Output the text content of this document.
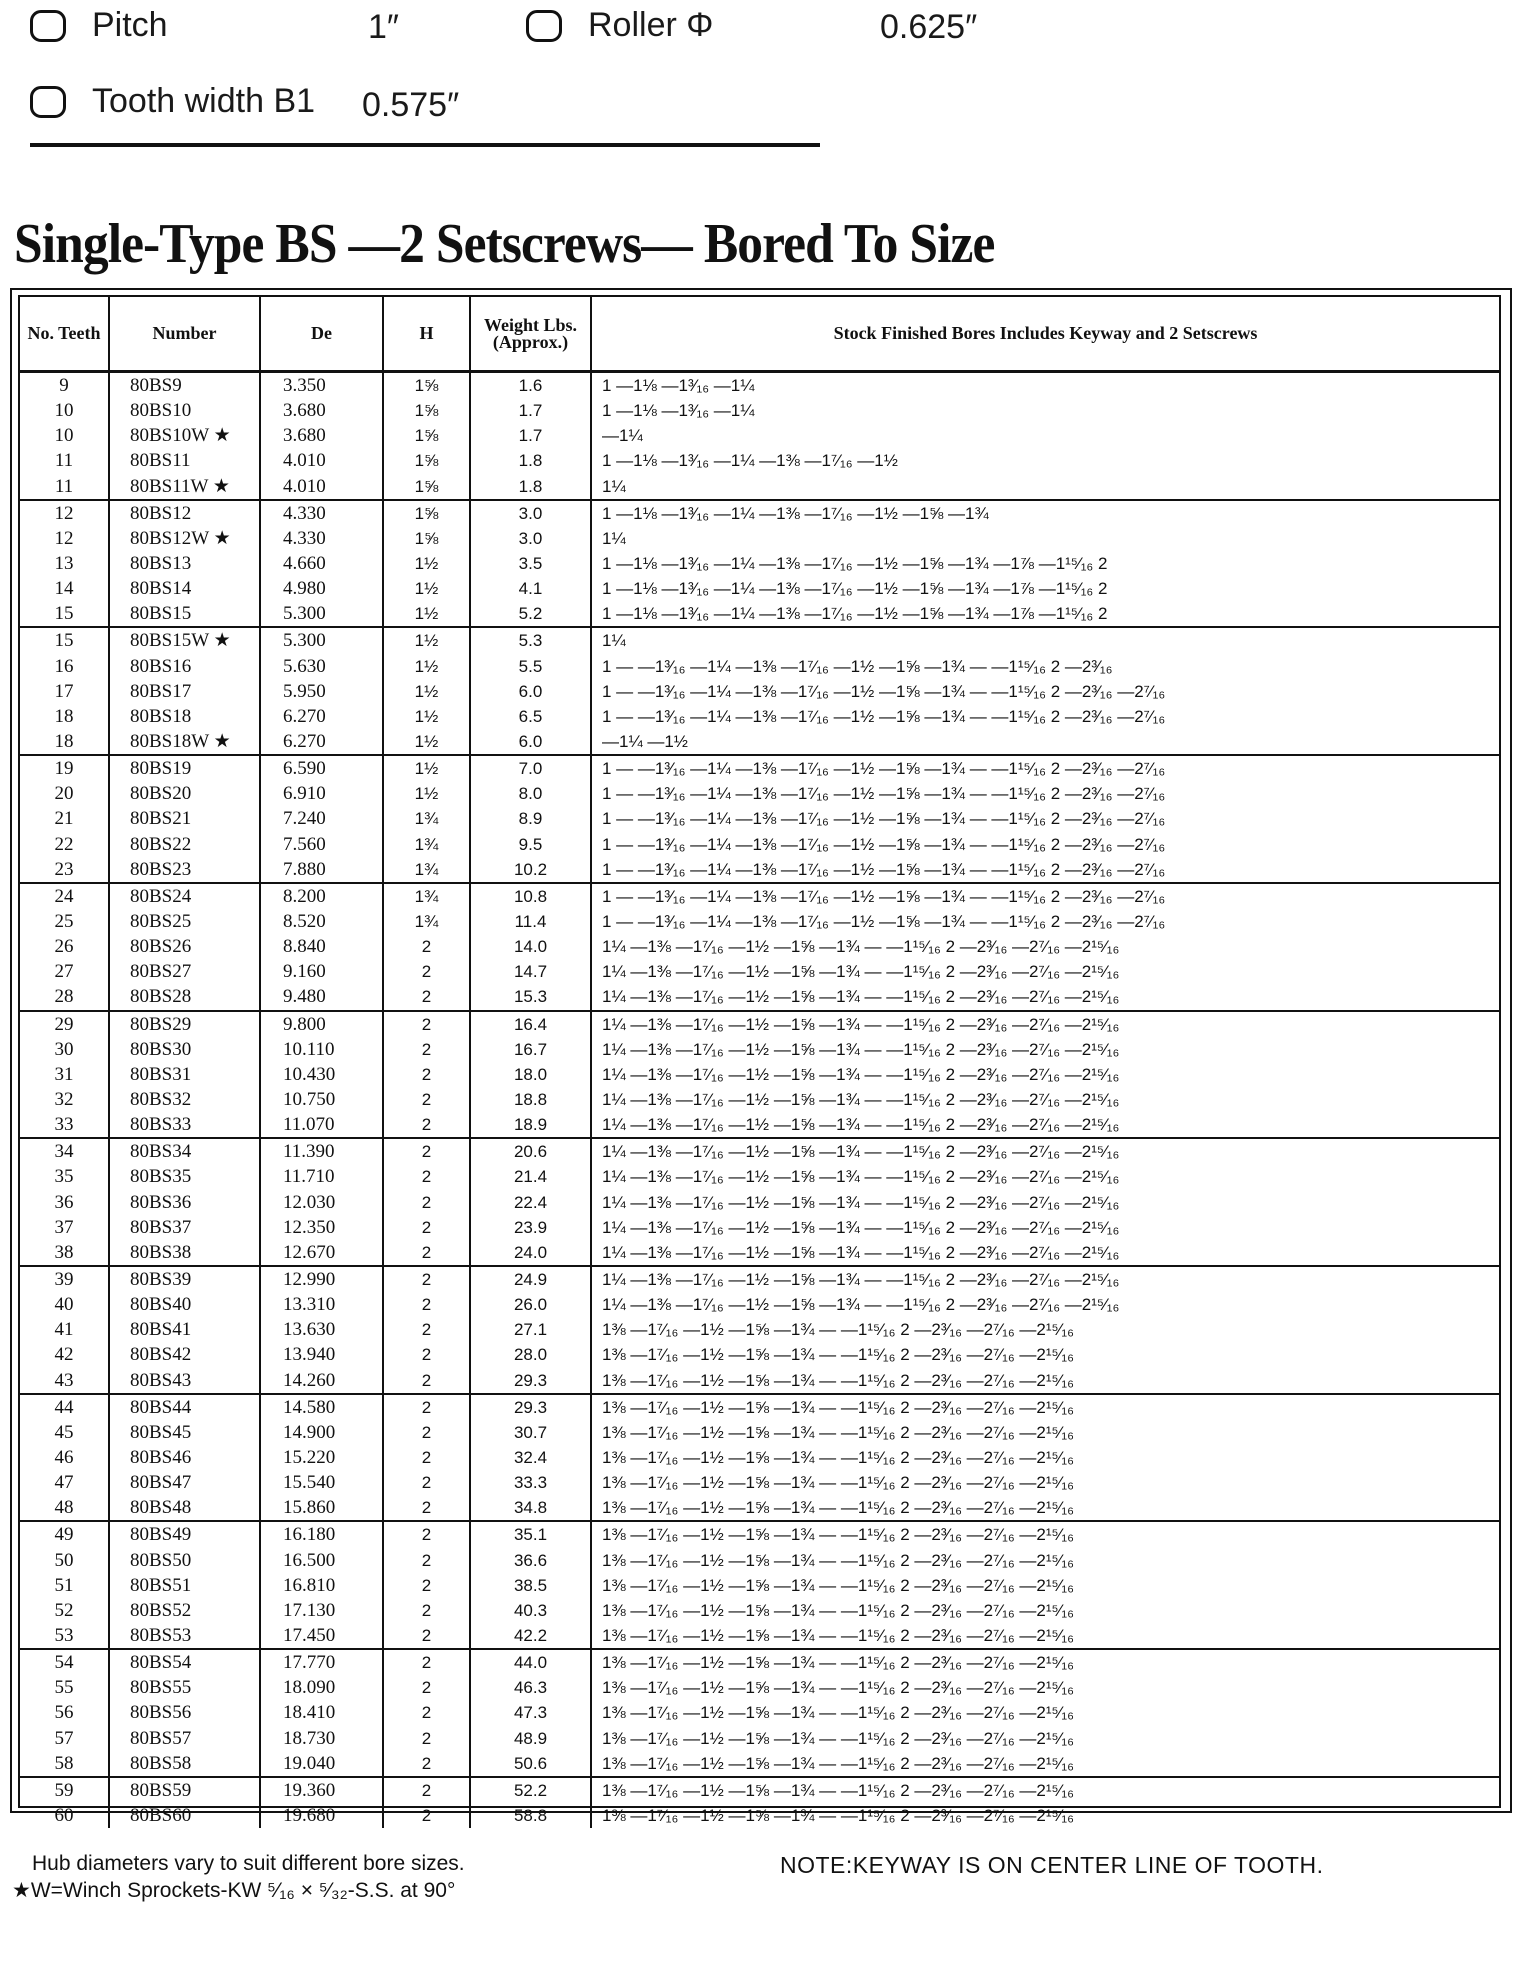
Pitch	1″	Roller Φ	0.625″
Tooth width B1 0.575″
Single-Type BS —2 Setscrews— Bored To Size
No. Teeth	Number	De	H	Weight Lbs. (Approx.)	Stock Finished Bores Includes Keyway and 2 Setscrews
9	80BS9	3.350	1⅝	1.6	1 —1⅛ —1³⁄₁₆ —1¼
10	80BS10	3.680	1⅝	1.7	1 —1⅛ —1³⁄₁₆ —1¼
10	80BS10W ★	3.680	1⅝	1.7	—1¼
11	80BS11	4.010	1⅝	1.8	1 —1⅛ —1³⁄₁₆ —1¼ —1⅜ —1⁷⁄₁₆ —1½
11	80BS11W ★	4.010	1⅝	1.8	1¼
12	80BS12	4.330	1⅝	3.0	1 —1⅛ —1³⁄₁₆ —1¼ —1⅜ —1⁷⁄₁₆ —1½ —1⅝ —1¾
12	80BS12W ★	4.330	1⅝	3.0	1¼
13	80BS13	4.660	1½	3.5	1 —1⅛ —1³⁄₁₆ —1¼ —1⅜ —1⁷⁄₁₆ —1½ —1⅝ —1¾ —1⅞ —1¹⁵⁄₁₆ 2
14	80BS14	4.980	1½	4.1	1 —1⅛ —1³⁄₁₆ —1¼ —1⅜ —1⁷⁄₁₆ —1½ —1⅝ —1¾ —1⅞ —1¹⁵⁄₁₆ 2
15	80BS15	5.300	1½	5.2	1 —1⅛ —1³⁄₁₆ —1¼ —1⅜ —1⁷⁄₁₆ —1½ —1⅝ —1¾ —1⅞ —1¹⁵⁄₁₆ 2
15	80BS15W ★	5.300	1½	5.3	1¼
16	80BS16	5.630	1½	5.5	1 — —1³⁄₁₆ —1¼ —1⅜ —1⁷⁄₁₆ —1½ —1⅝ —1¾ — —1¹⁵⁄₁₆ 2 —2³⁄₁₆
17	80BS17	5.950	1½	6.0	1 — —1³⁄₁₆ —1¼ —1⅜ —1⁷⁄₁₆ —1½ —1⅝ —1¾ — —1¹⁵⁄₁₆ 2 —2³⁄₁₆ —2⁷⁄₁₆
18	80BS18	6.270	1½	6.5	1 — —1³⁄₁₆ —1¼ —1⅜ —1⁷⁄₁₆ —1½ —1⅝ —1¾ — —1¹⁵⁄₁₆ 2 —2³⁄₁₆ —2⁷⁄₁₆
18	80BS18W ★	6.270	1½	6.0	—1¼ —1½
19	80BS19	6.590	1½	7.0	1 — —1³⁄₁₆ —1¼ —1⅜ —1⁷⁄₁₆ —1½ —1⅝ —1¾ — —1¹⁵⁄₁₆ 2 —2³⁄₁₆ —2⁷⁄₁₆
20	80BS20	6.910	1½	8.0	1 — —1³⁄₁₆ —1¼ —1⅜ —1⁷⁄₁₆ —1½ —1⅝ —1¾ — —1¹⁵⁄₁₆ 2 —2³⁄₁₆ —2⁷⁄₁₆
21	80BS21	7.240	1¾	8.9	1 — —1³⁄₁₆ —1¼ —1⅜ —1⁷⁄₁₆ —1½ —1⅝ —1¾ — —1¹⁵⁄₁₆ 2 —2³⁄₁₆ —2⁷⁄₁₆
22	80BS22	7.560	1¾	9.5	1 — —1³⁄₁₆ —1¼ —1⅜ —1⁷⁄₁₆ —1½ —1⅝ —1¾ — —1¹⁵⁄₁₆ 2 —2³⁄₁₆ —2⁷⁄₁₆
23	80BS23	7.880	1¾	10.2	1 — —1³⁄₁₆ —1¼ —1⅜ —1⁷⁄₁₆ —1½ —1⅝ —1¾ — —1¹⁵⁄₁₆ 2 —2³⁄₁₆ —2⁷⁄₁₆
24	80BS24	8.200	1¾	10.8	1 — —1³⁄₁₆ —1¼ —1⅜ —1⁷⁄₁₆ —1½ —1⅝ —1¾ — —1¹⁵⁄₁₆ 2 —2³⁄₁₆ —2⁷⁄₁₆
25	80BS25	8.520	1¾	11.4	1 — —1³⁄₁₆ —1¼ —1⅜ —1⁷⁄₁₆ —1½ —1⅝ —1¾ — —1¹⁵⁄₁₆ 2 —2³⁄₁₆ —2⁷⁄₁₆
26	80BS26	8.840	2	14.0	1¼ —1⅜ —1⁷⁄₁₆ —1½ —1⅝ —1¾ — —1¹⁵⁄₁₆ 2 —2³⁄₁₆ —2⁷⁄₁₆ —2¹⁵⁄₁₆
27	80BS27	9.160	2	14.7	1¼ —1⅜ —1⁷⁄₁₆ —1½ —1⅝ —1¾ — —1¹⁵⁄₁₆ 2 —2³⁄₁₆ —2⁷⁄₁₆ —2¹⁵⁄₁₆
28	80BS28	9.480	2	15.3	1¼ —1⅜ —1⁷⁄₁₆ —1½ —1⅝ —1¾ — —1¹⁵⁄₁₆ 2 —2³⁄₁₆ —2⁷⁄₁₆ —2¹⁵⁄₁₆
29	80BS29	9.800	2	16.4	1¼ —1⅜ —1⁷⁄₁₆ —1½ —1⅝ —1¾ — —1¹⁵⁄₁₆ 2 —2³⁄₁₆ —2⁷⁄₁₆ —2¹⁵⁄₁₆
30	80BS30	10.110	2	16.7	1¼ —1⅜ —1⁷⁄₁₆ —1½ —1⅝ —1¾ — —1¹⁵⁄₁₆ 2 —2³⁄₁₆ —2⁷⁄₁₆ —2¹⁵⁄₁₆
31	80BS31	10.430	2	18.0	1¼ —1⅜ —1⁷⁄₁₆ —1½ —1⅝ —1¾ — —1¹⁵⁄₁₆ 2 —2³⁄₁₆ —2⁷⁄₁₆ —2¹⁵⁄₁₆
32	80BS32	10.750	2	18.8	1¼ —1⅜ —1⁷⁄₁₆ —1½ —1⅝ —1¾ — —1¹⁵⁄₁₆ 2 —2³⁄₁₆ —2⁷⁄₁₆ —2¹⁵⁄₁₆
33	80BS33	11.070	2	18.9	1¼ —1⅜ —1⁷⁄₁₆ —1½ —1⅝ —1¾ — —1¹⁵⁄₁₆ 2 —2³⁄₁₆ —2⁷⁄₁₆ —2¹⁵⁄₁₆
34	80BS34	11.390	2	20.6	1¼ —1⅜ —1⁷⁄₁₆ —1½ —1⅝ —1¾ — —1¹⁵⁄₁₆ 2 —2³⁄₁₆ —2⁷⁄₁₆ —2¹⁵⁄₁₆
35	80BS35	11.710	2	21.4	1¼ —1⅜ —1⁷⁄₁₆ —1½ —1⅝ —1¾ — —1¹⁵⁄₁₆ 2 —2³⁄₁₆ —2⁷⁄₁₆ —2¹⁵⁄₁₆
36	80BS36	12.030	2	22.4	1¼ —1⅜ —1⁷⁄₁₆ —1½ —1⅝ —1¾ — —1¹⁵⁄₁₆ 2 —2³⁄₁₆ —2⁷⁄₁₆ —2¹⁵⁄₁₆
37	80BS37	12.350	2	23.9	1¼ —1⅜ —1⁷⁄₁₆ —1½ —1⅝ —1¾ — —1¹⁵⁄₁₆ 2 —2³⁄₁₆ —2⁷⁄₁₆ —2¹⁵⁄₁₆
38	80BS38	12.670	2	24.0	1¼ —1⅜ —1⁷⁄₁₆ —1½ —1⅝ —1¾ — —1¹⁵⁄₁₆ 2 —2³⁄₁₆ —2⁷⁄₁₆ —2¹⁵⁄₁₆
39	80BS39	12.990	2	24.9	1¼ —1⅜ —1⁷⁄₁₆ —1½ —1⅝ —1¾ — —1¹⁵⁄₁₆ 2 —2³⁄₁₆ —2⁷⁄₁₆ —2¹⁵⁄₁₆
40	80BS40	13.310	2	26.0	1¼ —1⅜ —1⁷⁄₁₆ —1½ —1⅝ —1¾ — —1¹⁵⁄₁₆ 2 —2³⁄₁₆ —2⁷⁄₁₆ —2¹⁵⁄₁₆
41	80BS41	13.630	2	27.1	1⅜ —1⁷⁄₁₆ —1½ —1⅝ —1¾ — —1¹⁵⁄₁₆ 2 —2³⁄₁₆ —2⁷⁄₁₆ —2¹⁵⁄₁₆
42	80BS42	13.940	2	28.0	1⅜ —1⁷⁄₁₆ —1½ —1⅝ —1¾ — —1¹⁵⁄₁₆ 2 —2³⁄₁₆ —2⁷⁄₁₆ —2¹⁵⁄₁₆
43	80BS43	14.260	2	29.3	1⅜ —1⁷⁄₁₆ —1½ —1⅝ —1¾ — —1¹⁵⁄₁₆ 2 —2³⁄₁₆ —2⁷⁄₁₆ —2¹⁵⁄₁₆
44	80BS44	14.580	2	29.3	1⅜ —1⁷⁄₁₆ —1½ —1⅝ —1¾ — —1¹⁵⁄₁₆ 2 —2³⁄₁₆ —2⁷⁄₁₆ —2¹⁵⁄₁₆
45	80BS45	14.900	2	30.7	1⅜ —1⁷⁄₁₆ —1½ —1⅝ —1¾ — —1¹⁵⁄₁₆ 2 —2³⁄₁₆ —2⁷⁄₁₆ —2¹⁵⁄₁₆
46	80BS46	15.220	2	32.4	1⅜ —1⁷⁄₁₆ —1½ —1⅝ —1¾ — —1¹⁵⁄₁₆ 2 —2³⁄₁₆ —2⁷⁄₁₆ —2¹⁵⁄₁₆
47	80BS47	15.540	2	33.3	1⅜ —1⁷⁄₁₆ —1½ —1⅝ —1¾ — —1¹⁵⁄₁₆ 2 —2³⁄₁₆ —2⁷⁄₁₆ —2¹⁵⁄₁₆
48	80BS48	15.860	2	34.8	1⅜ —1⁷⁄₁₆ —1½ —1⅝ —1¾ — —1¹⁵⁄₁₆ 2 —2³⁄₁₆ —2⁷⁄₁₆ —2¹⁵⁄₁₆
49	80BS49	16.180	2	35.1	1⅜ —1⁷⁄₁₆ —1½ —1⅝ —1¾ — —1¹⁵⁄₁₆ 2 —2³⁄₁₆ —2⁷⁄₁₆ —2¹⁵⁄₁₆
50	80BS50	16.500	2	36.6	1⅜ —1⁷⁄₁₆ —1½ —1⅝ —1¾ — —1¹⁵⁄₁₆ 2 —2³⁄₁₆ —2⁷⁄₁₆ —2¹⁵⁄₁₆
51	80BS51	16.810	2	38.5	1⅜ —1⁷⁄₁₆ —1½ —1⅝ —1¾ — —1¹⁵⁄₁₆ 2 —2³⁄₁₆ —2⁷⁄₁₆ —2¹⁵⁄₁₆
52	80BS52	17.130	2	40.3	1⅜ —1⁷⁄₁₆ —1½ —1⅝ —1¾ — —1¹⁵⁄₁₆ 2 —2³⁄₁₆ —2⁷⁄₁₆ —2¹⁵⁄₁₆
53	80BS53	17.450	2	42.2	1⅜ —1⁷⁄₁₆ —1½ —1⅝ —1¾ — —1¹⁵⁄₁₆ 2 —2³⁄₁₆ —2⁷⁄₁₆ —2¹⁵⁄₁₆
54	80BS54	17.770	2	44.0	1⅜ —1⁷⁄₁₆ —1½ —1⅝ —1¾ — —1¹⁵⁄₁₆ 2 —2³⁄₁₆ —2⁷⁄₁₆ —2¹⁵⁄₁₆
55	80BS55	18.090	2	46.3	1⅜ —1⁷⁄₁₆ —1½ —1⅝ —1¾ — —1¹⁵⁄₁₆ 2 —2³⁄₁₆ —2⁷⁄₁₆ —2¹⁵⁄₁₆
56	80BS56	18.410	2	47.3	1⅜ —1⁷⁄₁₆ —1½ —1⅝ —1¾ — —1¹⁵⁄₁₆ 2 —2³⁄₁₆ —2⁷⁄₁₆ —2¹⁵⁄₁₆
57	80BS57	18.730	2	48.9	1⅜ —1⁷⁄₁₆ —1½ —1⅝ —1¾ — —1¹⁵⁄₁₆ 2 —2³⁄₁₆ —2⁷⁄₁₆ —2¹⁵⁄₁₆
58	80BS58	19.040	2	50.6	1⅜ —1⁷⁄₁₆ —1½ —1⅝ —1¾ — —1¹⁵⁄₁₆ 2 —2³⁄₁₆ —2⁷⁄₁₆ —2¹⁵⁄₁₆
59	80BS59	19.360	2	52.2	1⅜ —1⁷⁄₁₆ —1½ —1⅝ —1¾ — —1¹⁵⁄₁₆ 2 —2³⁄₁₆ —2⁷⁄₁₆ —2¹⁵⁄₁₆
60	80BS60	19.680	2	58.8	1⅜ —1⁷⁄₁₆ —1½ —1⅝ —1¾ — —1¹⁵⁄₁₆ 2 —2³⁄₁₆ —2⁷⁄₁₆ —2¹⁵⁄₁₆
Hub diameters vary to suit different bore sizes.
★W=Winch Sprockets-KW ⁵⁄₁₆ × ⁵⁄₃₂-S.S. at 90°
NOTE:KEYWAY IS ON CENTER LINE OF TOOTH.
